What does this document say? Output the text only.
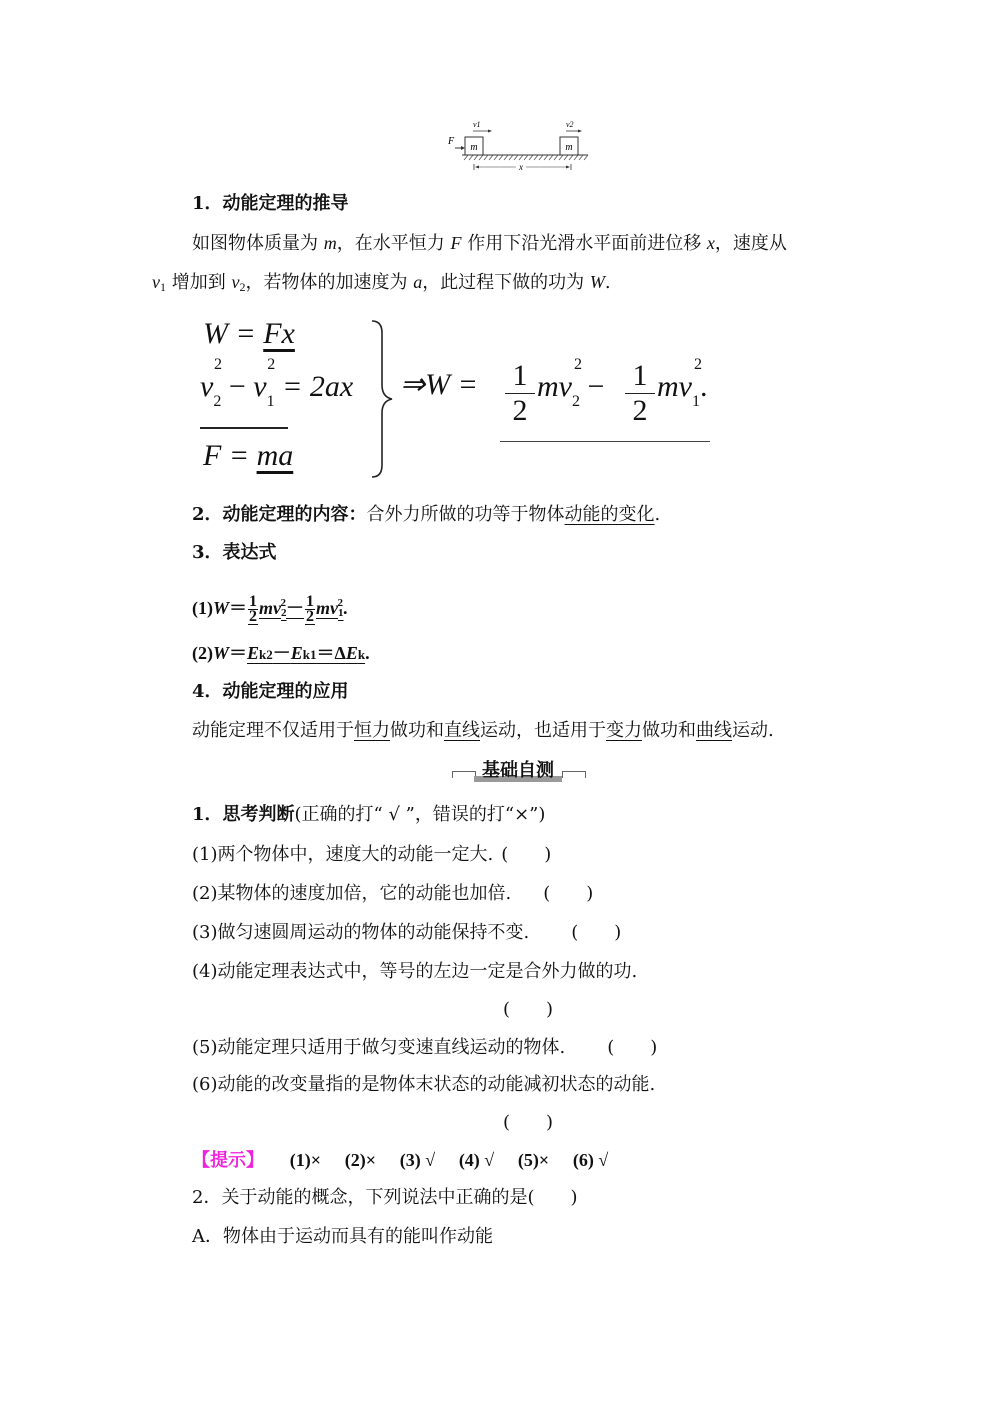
m	m
F
v1	v2
x
1．动能定理的推导
如图物体质量为 m，在水平恒力 F 作用下沿光滑水平面前进位移 x，速度从
$v_1$ 增加到 $v_2$，若物体的加速度为 a，此过程下做的功为 W.
W = Fx
v
2
$_2$ − v
2
$_1$ = 2ax
F = ma
⇒W = $\frac{1}{2}$ mv
2
$_2 - \frac{1}{2}$ mv
2
$_1$.
2．动能定理的内容：合外力所做的功等于物体动能的变化.
3．表达式
$(1)W= \frac{1}{2} mv2^2- \frac{1}{2} mv1^2$.
(2)W＝Ek2－Ek1＝ΔEk.
4．动能定理的应用
动能定理不仅适用于恒力做功和直线运动，也适用于变力做功和曲线运动.
基础自测
1．思考判断(正确的打“ √ ”，错误的打“×”)
(1)两个物体中，速度大的动能一定大. (　　)
(2)某物体的速度加倍，它的动能也加倍. (　　)
(3)做匀速圆周运动的物体的动能保持不变. (　　)
(4)动能定理表达式中，等号的左边一定是合外力做的功.
(　　)
(5)动能定理只适用于做匀变速直线运动的物体. (　　)
(6)动能的改变量指的是物体末状态的动能减初状态的动能.
(　　)
【提示】 (1)× (2)× (3) √ (4) √ (5)× (6) √
2．关于动能的概念，下列说法中正确的是(　　)
A．物体由于运动而具有的能叫作动能
